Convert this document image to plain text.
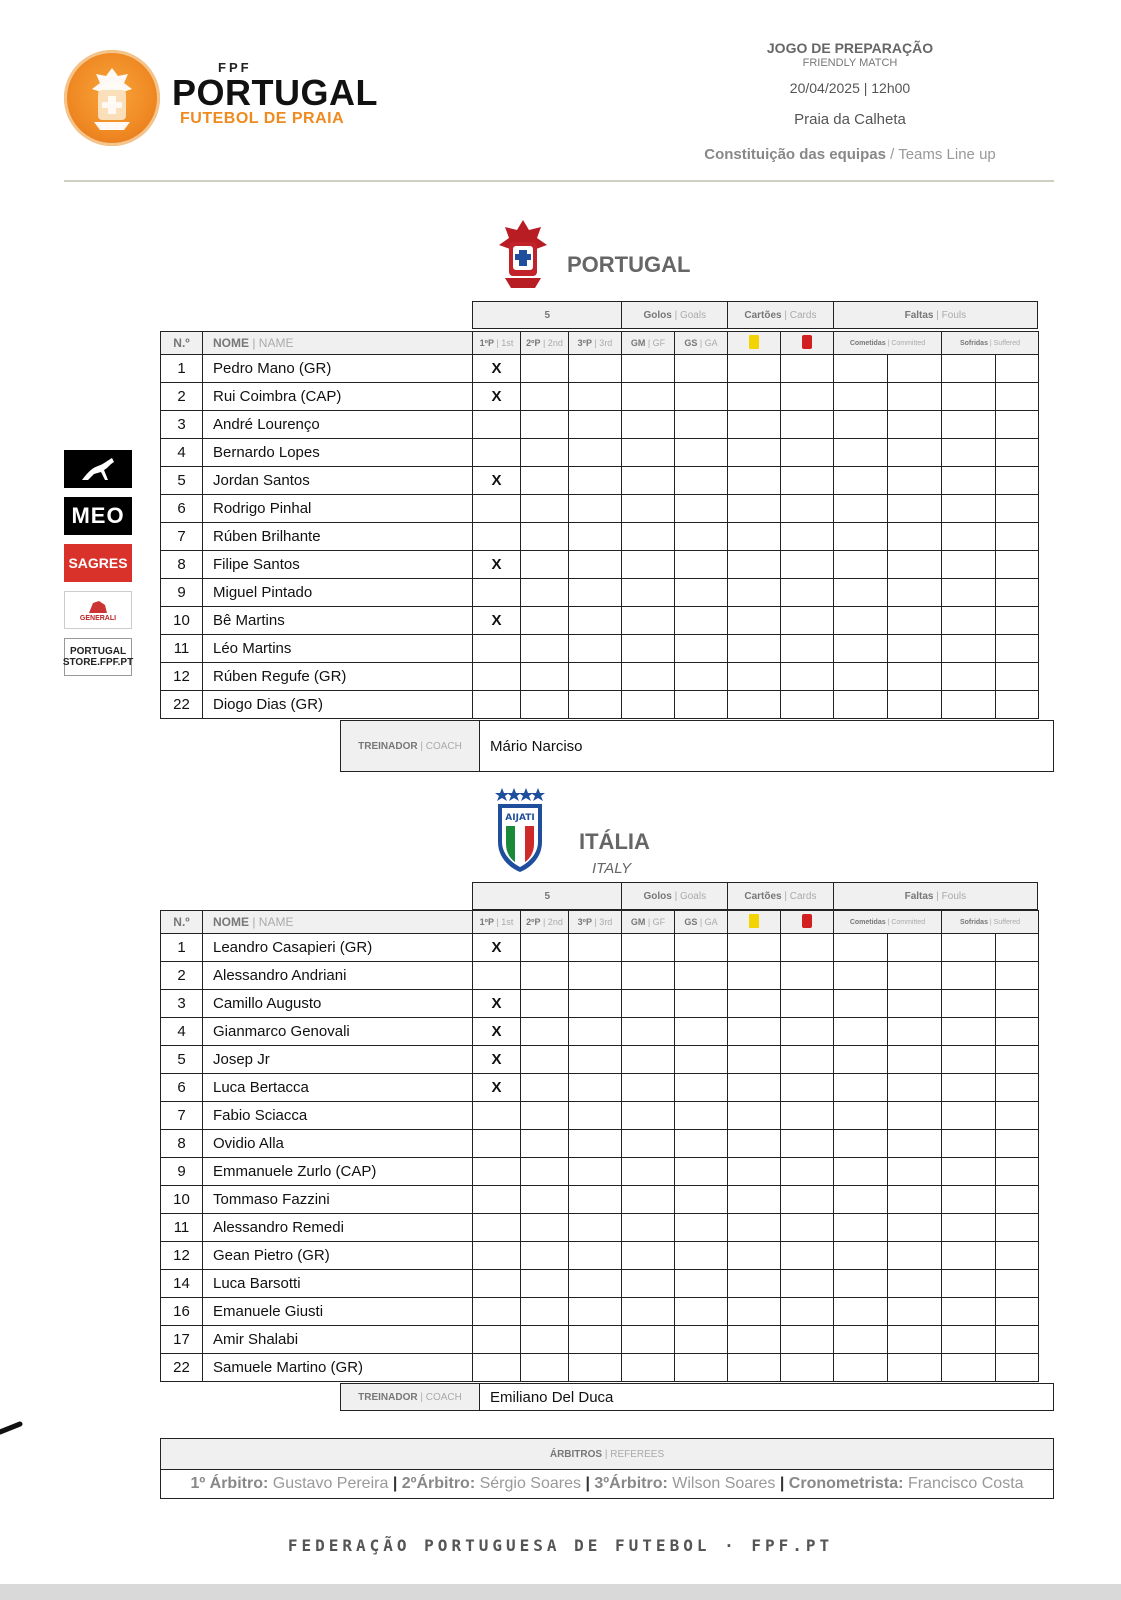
FPF
PORTUGAL
FUTEBOL DE PRAIA
JOGO DE PREPARAÇÃO
FRIENDLY MATCH
20/04/2025 | 12h00
Praia da Calheta
Constituição das equipas / Teams Line up
MEO
SAGRES
GENERALI
PORTUGAL STORE.FPF.PT
PORTUGAL
5	Golos
| Goals	Cartões
| Cards	Faltas
| Fouls
N.º	NOME | NAME	1ºP | 1st	2ºP | 2nd	3ºP | 3rd	GM | GF	GS | GA			Cometidas | Committed		Sofridas | Suffered	
1	Pedro Mano (GR)	X										
2	Rui Coimbra (CAP)	X										
3	André Lourenço											
4	Bernardo Lopes											
5	Jordan Santos	X										
6	Rodrigo Pinhal											
7	Rúben Brilhante											
8	Filipe Santos	X										
9	Miguel Pintado											
10	Bê Martins	X										
11	Léo Martins											
12	Rúben Regufe (GR)											
22	Diogo Dias (GR)											
TREINADOR
| COACH	Mário Narciso
AIJATI
ITÁLIA
ITALY
5	Golos
| Goals	Cartões
| Cards	Faltas
| Fouls
N.º	NOME | NAME	1ºP | 1st	2ºP | 2nd	3ºP | 3rd	GM | GF	GS | GA			Cometidas | Committed		Sofridas | Suffered	
1	Leandro Casapieri (GR)	X										
2	Alessandro Andriani											
3	Camillo Augusto	X										
4	Gianmarco Genovali	X										
5	Josep Jr	X										
6	Luca Bertacca	X										
7	Fabio Sciacca											
8	Ovidio Alla											
9	Emmanuele Zurlo (CAP)											
10	Tommaso Fazzini											
11	Alessandro Remedi											
12	Gean Pietro (GR)											
14	Luca Barsotti											
16	Emanuele Giusti											
17	Amir Shalabi											
22	Samuele Martino (GR)											
TREINADOR
| COACH	Emiliano Del Duca
ÁRBITROS
| REFEREES
1º Árbitro:
Gustavo Pereira
|
2ºÁrbitro:
Sérgio Soares
|
3ºÁrbitro:
Wilson Soares
|
Cronometrista:
Francisco Costa
FEDERAÇÃO PORTUGUESA DE FUTEBOL · FPF.PT
